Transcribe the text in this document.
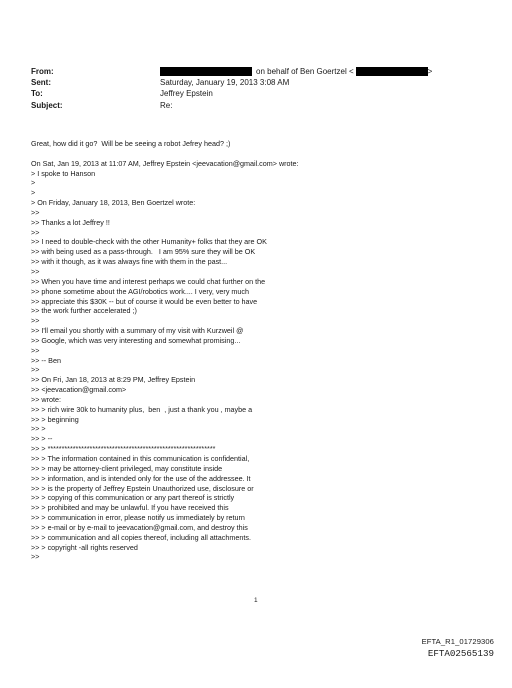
From:	on behalf of Ben Goertzel <	>
Sent:	Saturday, January 19, 2013 3:08 AM
To:	Jeffrey Epstein
Subject:	Re:
Great, how did it go?  Will be be seeing a robot Jefrey head? ;)
On Sat, Jan 19, 2013 at 11:07 AM, Jeffrey Epstein <jeevacation@gmail.com> wrote:
> I spoke to Hanson
>
>
> On Friday, January 18, 2013, Ben Goertzel wrote:
>>
>> Thanks a lot Jeffrey !!
>>
>> I need to double-check with the other Humanity+ folks that they are OK
>> with being used as a pass-through.   I am 95% sure they will be OK
>> with it though, as it was always fine with them in the past...
>>
>> When you have time and interest perhaps we could chat further on the
>> phone sometime about the AGI/robotics work.... I very, very much
>> appreciate this $30K -- but of course it would be even better to have
>> the work further accelerated ;)
>>
>> I'll email you shortly with a summary of my visit with Kurzweil @
>> Google, which was very interesting and somewhat promising...
>>
>> -- Ben
>>
>> On Fri, Jan 18, 2013 at 8:29 PM, Jeffrey Epstein
>> <jeevacation@gmail.com>
>> wrote:
>> > rich wire 30k to humanity plus,  ben  , just a thank you , maybe a
>> > beginning
>> >
>> > --
>> > ************************************************************
>> > The information contained in this communication is confidential,
>> > may be attorney-client privileged, may constitute inside
>> > information, and is intended only for the use of the addressee. It
>> > is the property of Jeffrey Epstein Unauthorized use, disclosure or
>> > copying of this communication or any part thereof is strictly
>> > prohibited and may be unlawful. If you have received this
>> > communication in error, please notify us immediately by return
>> > e-mail or by e-mail to jeevacation@gmail.com, and destroy this
>> > communication and all copies thereof, including all attachments.
>> > copyright -all rights reserved
>>
1
EFTA_R1_01729306
EFTA02565139
